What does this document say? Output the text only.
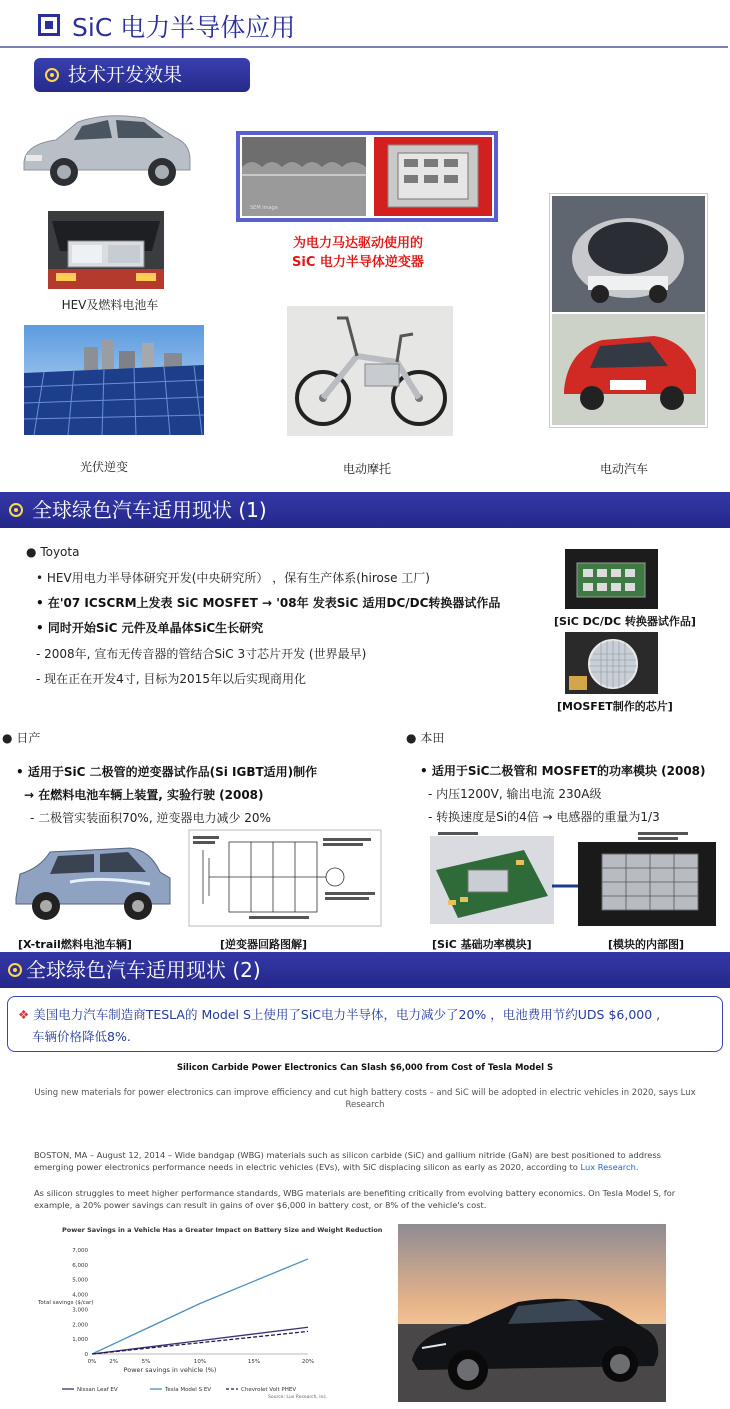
SiC 电力半导体应用
技术开发效果
HEV及燃料电池车
光伏逆变
SEM image
为电力马达驱动使用的
SiC 电力半导体逆变器
电动摩托	电动汽车
全球绿色汽车适用现状 (1)
● Toyota
• HEV用电力半导体研究开发(中央研究所） ，保有生产体系(hirose 工厂)
• 在'07 ICSCRM上发表 SiC MOSFET → '08年 发表SiC 适用DC/DC转换器试作品
• 同时开始SiC 元件及单晶体SiC生长研究
- 2008年, 宣布无传音器的管结合SiC 3寸芯片开发 (世界最早)
- 现在正在开发4寸, 目标为2015年以后实现商用化
[SiC DC/DC 转换器试作品]
[MOSFET制作的芯片]
● 日产
• 适用于SiC 二极管的逆变器试作品(Si IGBT适用)制作
→ 在燃料电池车辆上装置, 实验行驶 (2008)
- 二极管实装面积70%, 逆变器电力减少 20%
[X-trail燃料电池车辆]	[逆变器回路图解]
● 本田
• 适用于SiC二极管和 MOSFET的功率模块 (2008)
- 内压1200V, 输出电流 230A级
- 转换速度是Si的4倍 → 电感器的重量为1/3
[SiC 基础功率模块]	[模块的内部图]
全球绿色汽车适用现状 (2)
❖ 美国电力汽车制造商TESLA的 Model S上使用了SiC电力半导体，电力减少了20% ，电池费用节约UDS $6,000 ,
车辆价格降低8%.
Silicon Carbide Power Electronics Can Slash $6,000 from Cost of Tesla Model S
Using new materials for power electronics can improve efficiency and cut high battery costs – and SiC will be adopted in electric vehicles in 2020, says Lux
Research
BOSTON, MA – August 12, 2014 – Wide bandgap (WBG) materials such as silicon carbide (SiC) and gallium nitride (GaN) are best positioned to address
emerging power electronics performance needs in electric vehicles (EVs), with SiC displacing silicon as early as 2020, according to Lux Research.
As silicon struggles to meet higher performance standards, WBG materials are benefiting critically from evolving battery economics. On Tesla Model S, for
example, a 20% power savings can result in gains of over $6,000 in battery cost, or 8% of the vehicle's cost.
Power Savings in a Vehicle Has a Greater Impact on Battery Size and Weight Reduction
0
1,000
2,000
3,000
4,000
5,000
6,000
7,000
0% 2%	5%	10%	15%	20%
Total savings ($/car)
Power savings in vehicle (%)
Nissan Leaf EV	Tesla Model S EV	Chevrolet Volt PHEV
Source: Lux Research, Inc.
